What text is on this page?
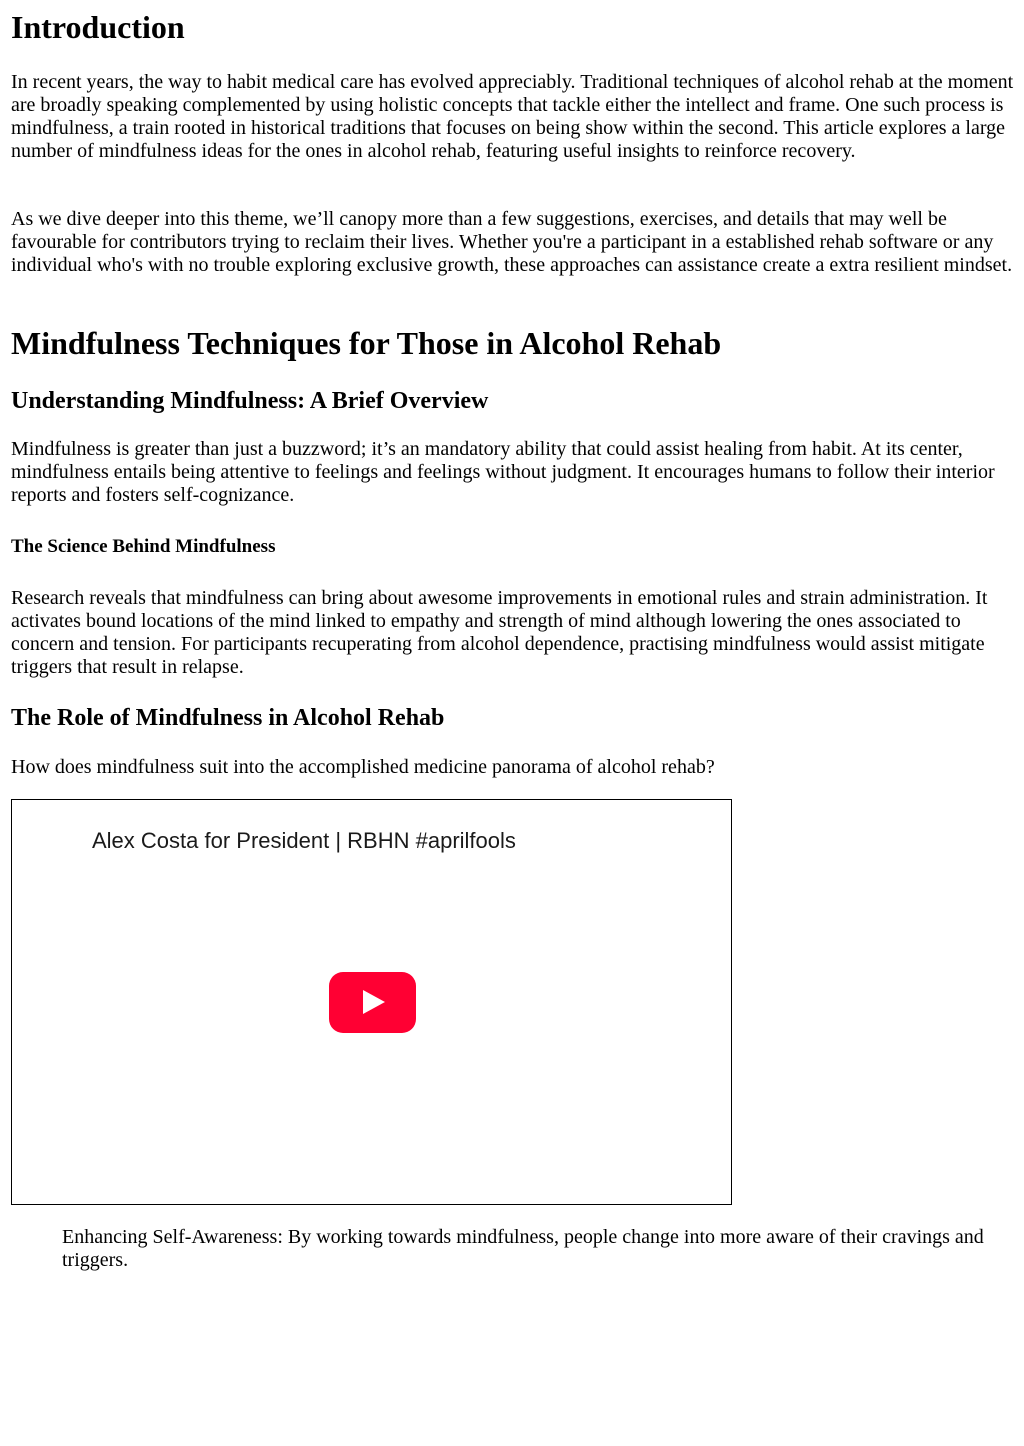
Introduction

In recent years, the way to habit medical care has evolved appreciably. Traditional techniques of alcohol rehab at the moment are broadly speaking complemented by using holistic concepts that tackle either the intellect and frame. One such process is mindfulness, a train rooted in historical traditions that focuses on being show within the second. This article explores a large number of mindfulness ideas for the ones in alcohol rehab, featuring useful insights to reinforce recovery.

As we dive deeper into this theme, we’ll canopy more than a few suggestions, exercises, and details that may well be favourable for contributors trying to reclaim their lives. Whether you're a participant in a established rehab software or any individual who's with no trouble exploring exclusive growth, these approaches can assistance create a extra resilient mindset.

Mindfulness Techniques for Those in Alcohol Rehab
Understanding Mindfulness: A Brief Overview

Mindfulness is greater than just a buzzword; it’s an mandatory ability that could assist healing from habit. At its center, mindfulness entails being attentive to feelings and feelings without judgment. It encourages humans to follow their interior reports and fosters self-cognizance.

The Science Behind Mindfulness

Research reveals that mindfulness can bring about awesome improvements in emotional rules and strain administration. It activates bound locations of the mind linked to empathy and strength of mind although lowering the ones associated to concern and tension. For participants recuperating from alcohol dependence, practising mindfulness would assist mitigate triggers that result in relapse.

The Role of Mindfulness in Alcohol Rehab

How does mindfulness suit into the accomplished medicine panorama of alcohol rehab?

Alex Costa for President | RBHN #aprilfools
Enhancing Self-Awareness: By working towards mindfulness, people change into more aware of their cravings and triggers.
